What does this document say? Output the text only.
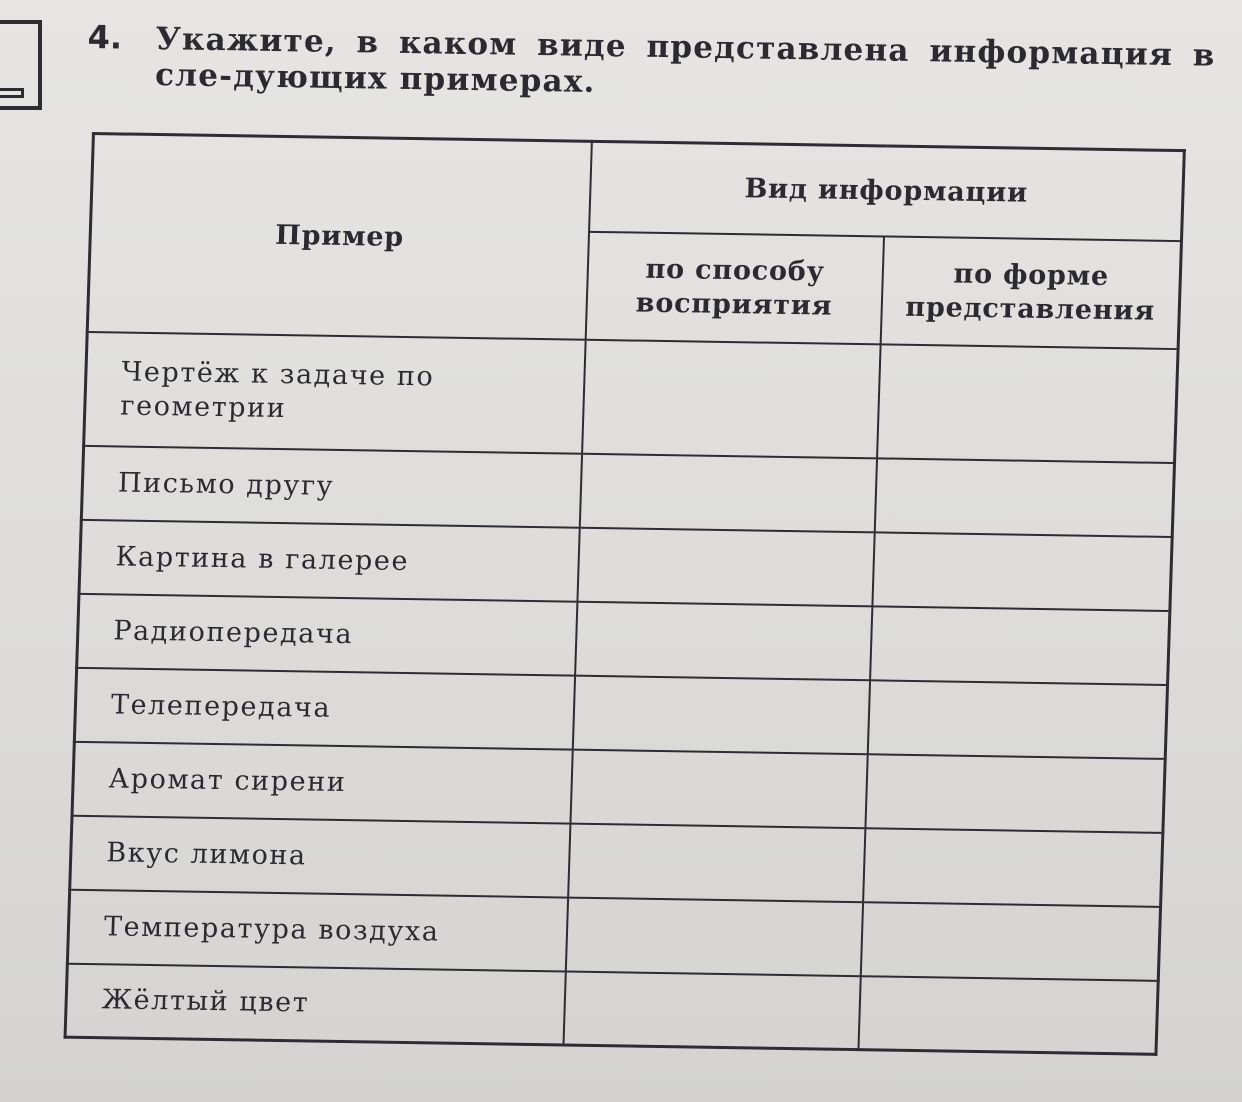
4. Укажите, в каком виде представлена информация в сле-дующих примерах.
Пример	Вид информации	
	по способу восприятия	по форме представления
Чертёж к задаче по геометрии		
Письмо другу		
Картина в галерее		
Радиопередача		
Телепередача		
Аромат сирени		
Вкус лимона		
Температура воздуха		
Жёлтый цвет		
